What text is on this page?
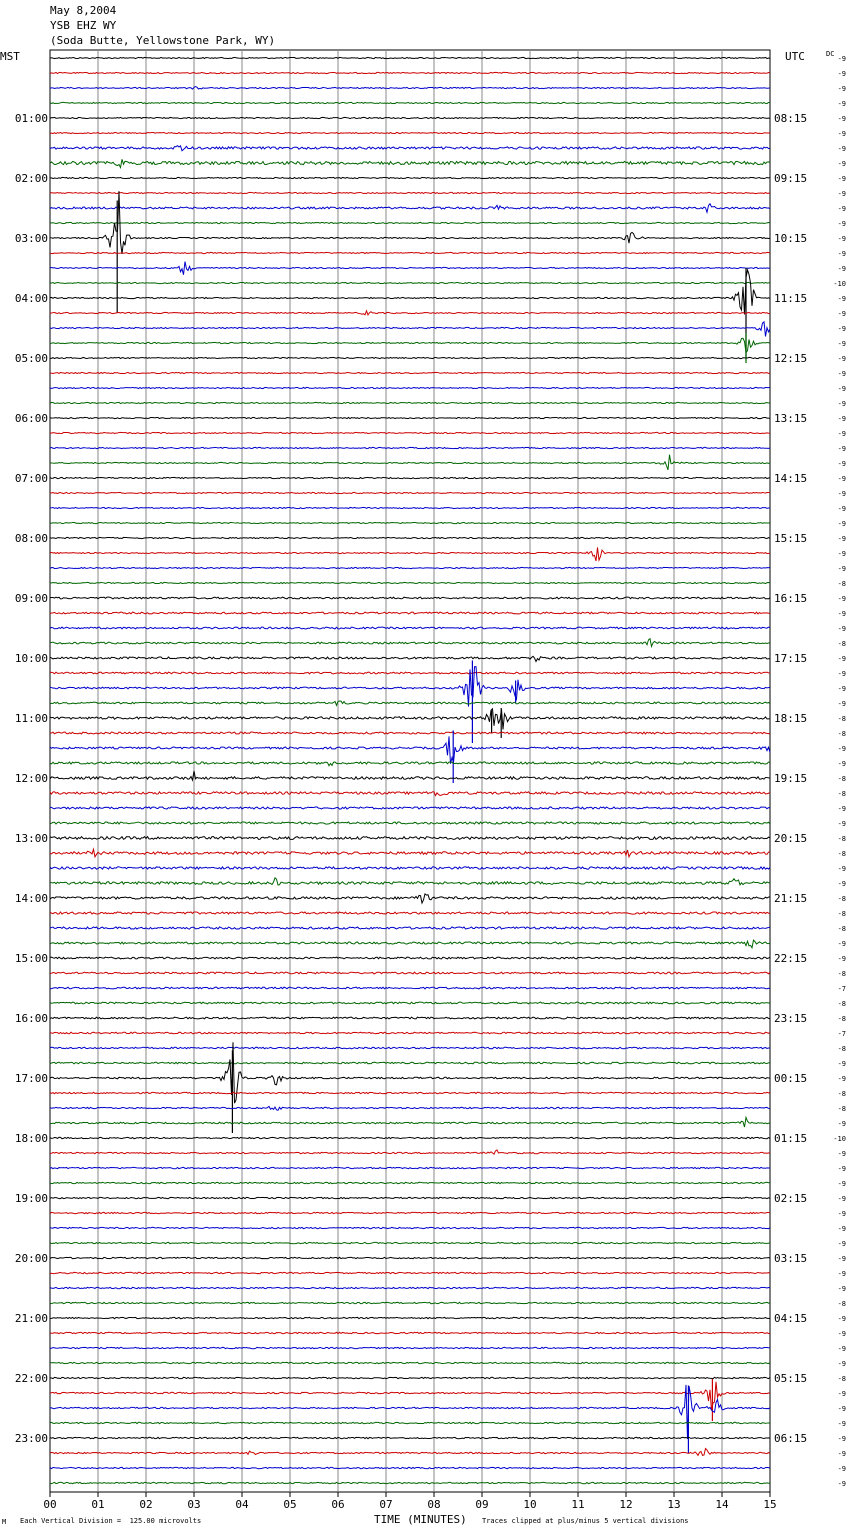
May 8,2004
YSB EHZ WY
(Soda Butte, Yellowstone Park, WY)
MST	UTC	DC
00	01	02	03	04	05	06	07	08	09	10	11	12	13	14	15
-9
-9
-9
-9
-9
-9
-9
-9
-9
-9
-9
-9
-9
-9
-9
-10
-9
-9
-9
-9
-9
-9
-9
-9
-9
-9
-9
-9
-9
-9
-9
-9
-9
-9
-9
-8
-9
-9
-9
-8
-9
-9
-9
-9
-8
-8
-9
-9
-8
-8
-9
-9
-8
-8
-9
-9
-8
-8
-8
-9
-9
-8
-7
-8
-8
-7
-8
-9
-9
-8
-8
-9
-10
-9
-9
-9
-9
-9
-9
-9
-9
-9
-9
-8
-9
-9
-9
-9
-8
-9
-9
-9
-9
-9
-9
-9
01:00
02:00
03:00
04:00
05:00
06:00
07:00
08:00
09:00
10:00
11:00
12:00
13:00
14:00
15:00
16:00
17:00
18:00
19:00
20:00
21:00
22:00
23:00
08:15
09:15
10:15
11:15
12:15
13:15
14:15
15:15
16:15
17:15
18:15
19:15
20:15
21:15
22:15
23:15
00:15
01:15
02:15
03:15
04:15
05:15
06:15
M Each Vertical Division =  125.00 microvolts	TIME (MINUTES) Traces clipped at plus/minus 5 vertical divisions
